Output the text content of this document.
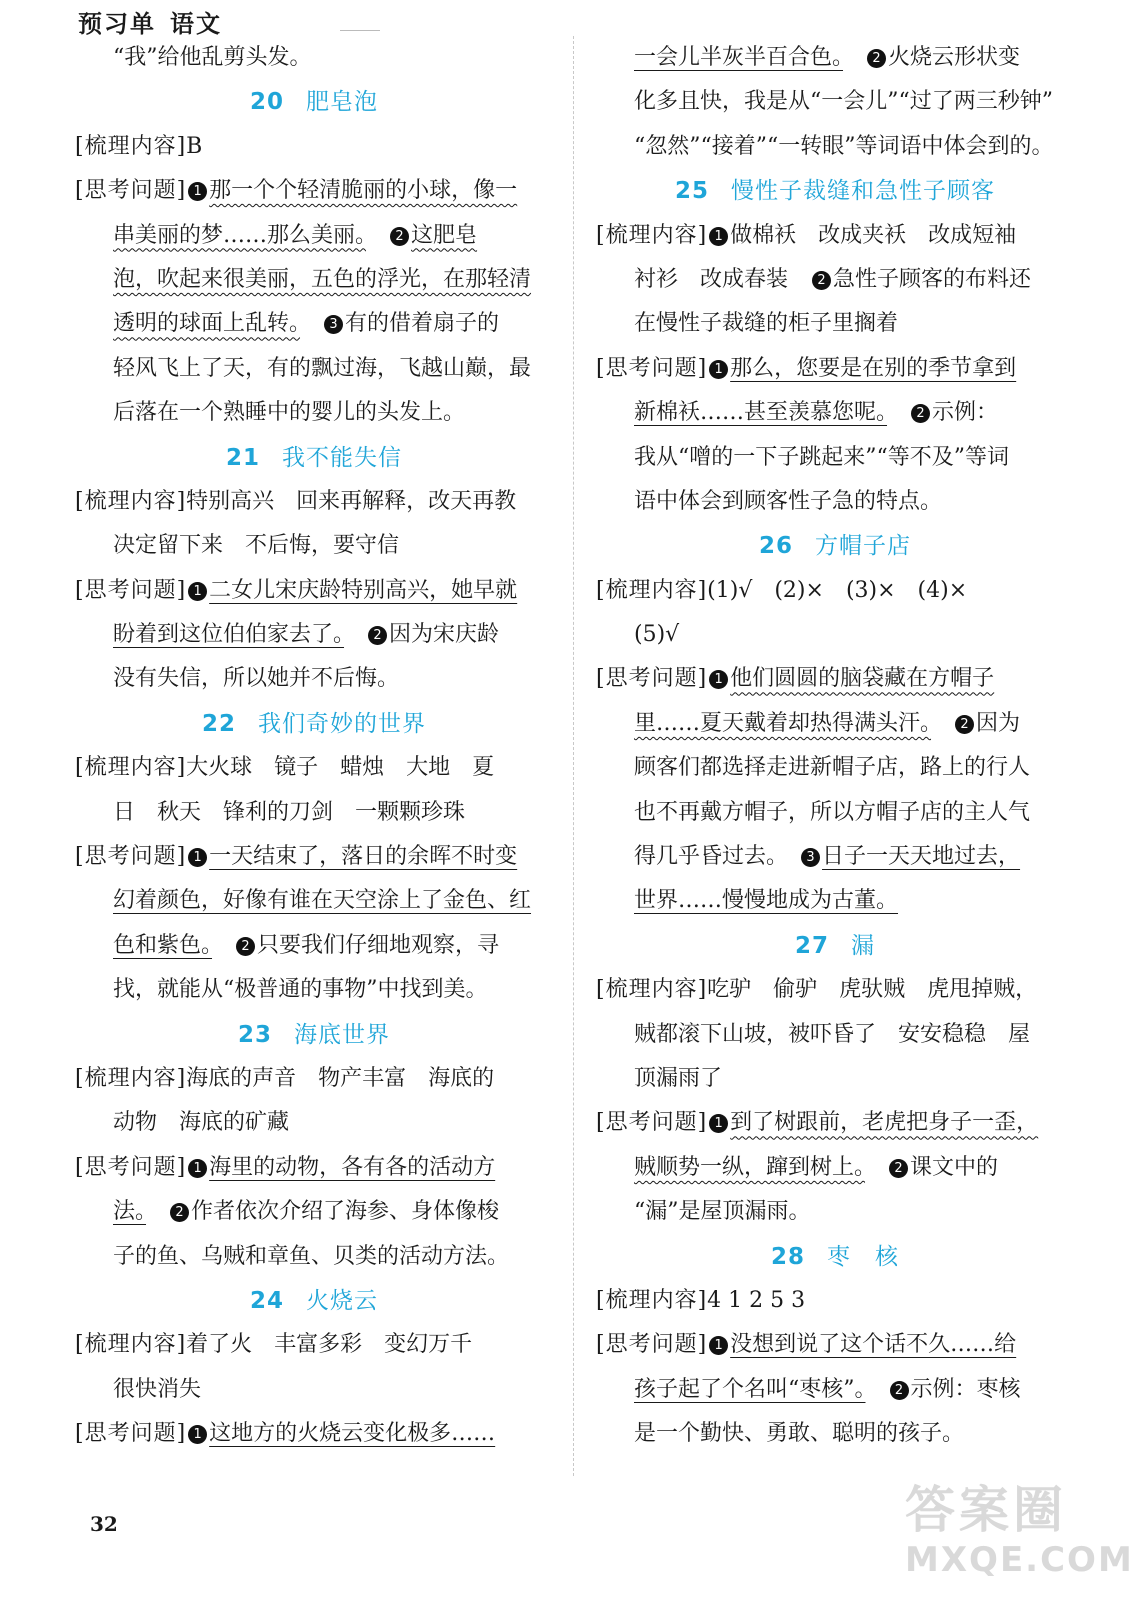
预习单 语文
“我”给他乱剪头发。
20 肥皂泡
[梳理内容]B
[思考问题] 1 那一个个轻清脆丽的小球，像一
串美丽的梦……那么美丽。　 2 这肥皂
泡，吹起来很美丽，五色的浮光，在那轻清
透明的球面上乱转。　 3 有的借着扇子的
轻风飞上了天，有的飘过海，飞越山巅，最
后落在一个熟睡中的婴儿的头发上。
21 我不能失信
[梳理内容]特别高兴　回来再解释，改天再教
决定留下来　不后悔，要守信
[思考问题] 1 二女儿宋庆龄特别高兴，她早就
盼着到这位伯伯家去了。　 2 因为宋庆龄
没有失信，所以她并不后悔。
22 我们奇妙的世界
[梳理内容]大火球　镜子　蜡烛　大地　夏
日　秋天　锋利的刀剑　一颗颗珍珠
[思考问题] 1 一天结束了，落日的余晖不时变
幻着颜色，好像有谁在天空涂上了金色、红
色和紫色。　 2 只要我们仔细地观察，寻
找，就能从“极普通的事物”中找到美。
23 海底世界
[梳理内容]海底的声音　物产丰富　海底的
动物　海底的矿藏
[思考问题] 1 海里的动物，各有各的活动方
法。　 2 作者依次介绍了海参、身体像梭
子的鱼、乌贼和章鱼、贝类的活动方法。
24 火烧云
[梳理内容]着了火　丰富多彩　变幻万千
很快消失
[思考问题] 1 这地方的火烧云变化极多……
一会儿半灰半百合色。　 2 火烧云形状变
化多且快，我是从“一会儿”“过了两三秒钟”
“忽然”“接着”“一转眼”等词语中体会到的。
25 慢性子裁缝和急性子顾客
[梳理内容] 1 做棉袄　改成夹袄　改成短袖
衬衫　改成春装　 2 急性子顾客的布料还
在慢性子裁缝的柜子里搁着
[思考问题] 1 那么，您要是在别的季节拿到
新棉袄……甚至羡慕您呢。　 2 示例：
我从“噌的一下子跳起来”“等不及”等词
语中体会到顾客性子急的特点。
26 方帽子店
[梳理内容](1)√　(2)×　(3)×　(4)×
(5)√
[思考问题] 1 他们圆圆的脑袋藏在方帽子
里……夏天戴着却热得满头汗。　 2 因为
顾客们都选择走进新帽子店，路上的行人
也不再戴方帽子，所以方帽子店的主人气
得几乎昏过去。　 3 日子一天天地过去，
世界……慢慢地成为古董。
27 漏
[梳理内容]吃驴　偷驴　虎驮贼　虎甩掉贼，
贼都滚下山坡，被吓昏了　安安稳稳　屋
顶漏雨了
[思考问题] 1 到了树跟前，老虎把身子一歪，
贼顺势一纵，蹿到树上。　 2 课文中的
“漏”是屋顶漏雨。
28 枣　核
[梳理内容]4 1 2 5 3
[思考问题] 1 没想到说了这个话不久……给
孩子起了个名叫“枣核”。　 2 示例：枣核
是一个勤快、勇敢、聪明的孩子。
32	答案圈
MXQE.COM
